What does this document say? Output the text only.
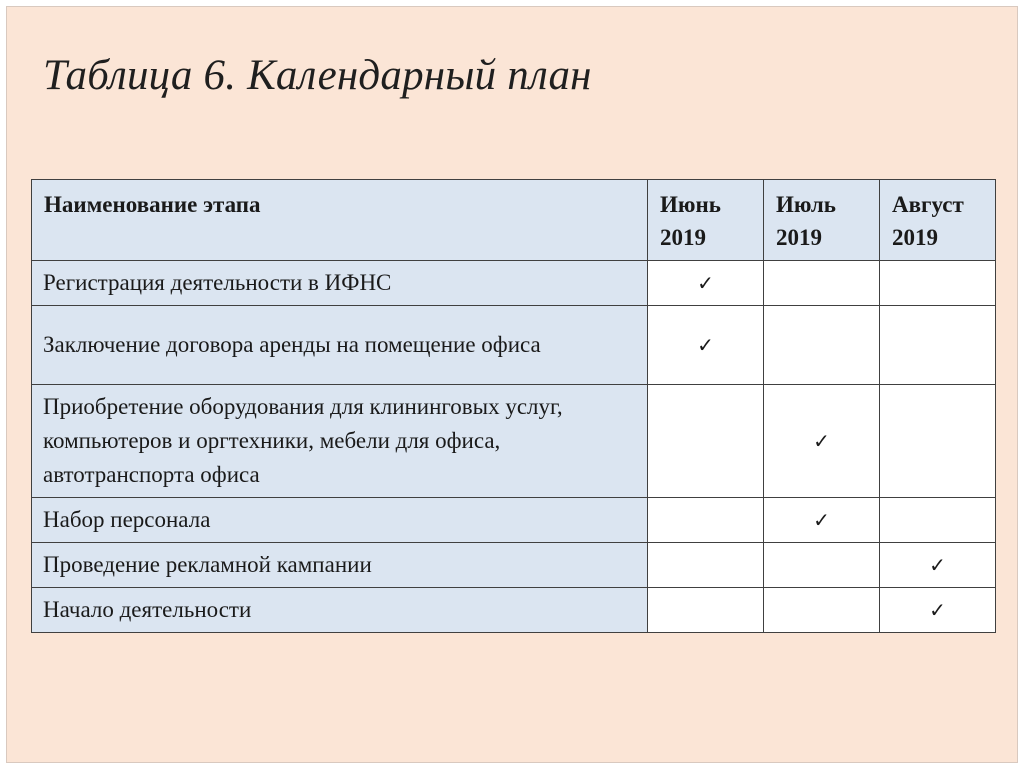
Таблица 6. Календарный план
Наименование этапа	Июнь 2019	Июль 2019	Август 2019
Регистрация деятельности в ИФНС	✓		
Заключение договора аренды на помещение офиса	✓		
Приобретение оборудования для клининговых услуг, компьютеров и оргтехники, мебели для офиса, автотранспорта офиса		✓	
Набор персонала		✓	
Проведение рекламной кампании			✓
Начало деятельности			✓
